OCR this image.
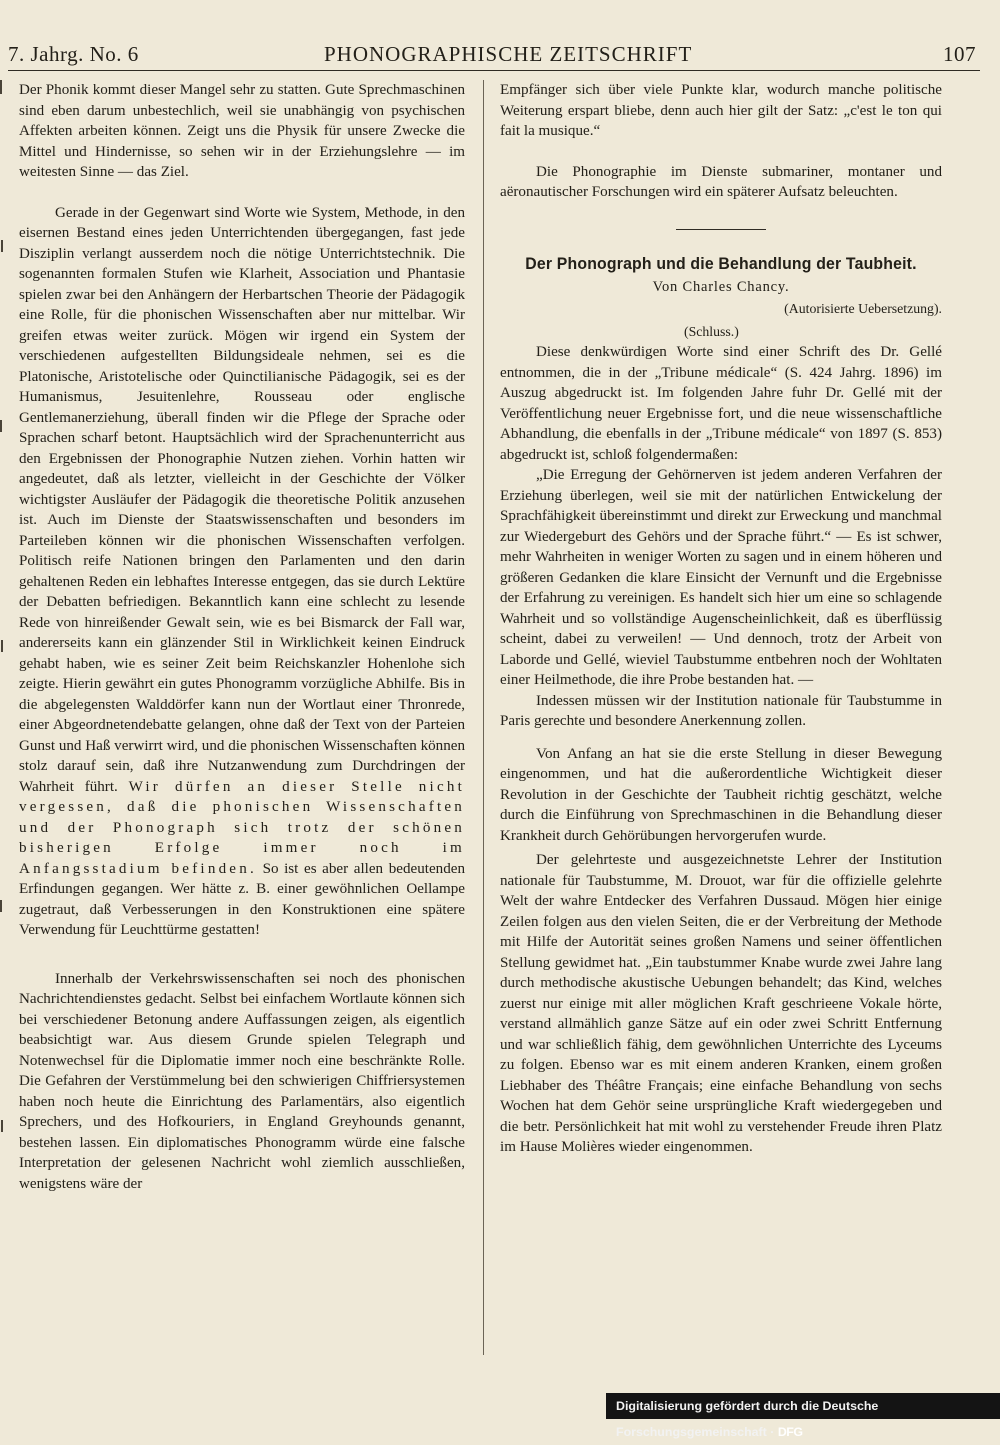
7. Jahrg. No. 6	PHONOGRAPHISCHE ZEITSCHRIFT	107

Der Phonik kommt dieser Mangel sehr zu statten. Gute Sprechmaschinen sind eben darum unbestechlich, weil sie unabhängig von psychischen Affekten arbeiten können. Zeigt uns die Physik für unsere Zwecke die Mittel und Hindernisse, so sehen wir in der Erziehungslehre — im weitesten Sinne — das Ziel.

Gerade in der Gegenwart sind Worte wie System, Methode, in den eisernen Bestand eines jeden Unterrichtenden übergegangen, fast jede Disziplin verlangt ausserdem noch die nötige Unterrichtstechnik. Die sogenannten formalen Stufen wie Klarheit, Association und Phantasie spielen zwar bei den Anhängern der Herbartschen Theorie der Pädagogik eine Rolle, für die phonischen Wissenschaften aber nur mittelbar. Wir greifen etwas weiter zurück. Mögen wir irgend ein System der verschiedenen aufgestellten Bildungsideale nehmen, sei es die Platonische, Aristotelische oder Quinctilianische Pädagogik, sei es der Humanismus, Jesuitenlehre, Rousseau oder englische Gentlemanerziehung, überall finden wir die Pflege der Sprache oder Sprachen scharf betont. Hauptsächlich wird der Sprachenunterricht aus den Ergebnissen der Phonographie Nutzen ziehen. Vorhin hatten wir angedeutet, daß als letzter, vielleicht in der Geschichte der Völker wichtigster Ausläufer der Pädagogik die theoretische Politik anzusehen ist. Auch im Dienste der Staatswissenschaften und besonders im Parteileben können wir die phonischen Wissenschaften verfolgen. Politisch reife Nationen bringen den Parlamenten und den darin gehaltenen Reden ein lebhaftes Interesse entgegen, das sie durch Lektüre der Debatten befriedigen. Bekanntlich kann eine schlecht zu lesende Rede von hinreißender Gewalt sein, wie es bei Bismarck der Fall war, andererseits kann ein glänzender Stil in Wirklichkeit keinen Eindruck gehabt haben, wie es seiner Zeit beim Reichskanzler Hohenlohe sich zeigte. Hierin gewährt ein gutes Phonogramm vorzügliche Abhilfe. Bis in die abgelegensten Walddörfer kann nun der Wortlaut einer Thronrede, einer Abgeordnetendebatte gelangen, ohne daß der Text von der Parteien Gunst und Haß verwirrt wird, und die phonischen Wissenschaften können stolz darauf sein, daß ihre Nutzanwendung zum Durchdringen der Wahrheit führt. Wir dürfen an dieser Stelle nicht vergessen, daß die phonischen Wissenschaften und der Phonograph sich trotz der schönen bisherigen Erfolge immer noch im Anfangsstadium befinden. So ist es aber allen bedeutenden Erfindungen gegangen. Wer hätte z. B. einer gewöhnlichen Oellampe zugetraut, daß Verbesserungen in den Konstruktionen eine spätere Verwendung für Leuchttürme gestatten!

Innerhalb der Verkehrswissenschaften sei noch des phonischen Nachrichtendienstes gedacht. Selbst bei einfachem Wortlaute können sich bei verschiedener Betonung andere Auffassungen zeigen, als eigentlich beabsichtigt war. Aus diesem Grunde spielen Telegraph und Notenwechsel für die Diplomatie immer noch eine beschränkte Rolle. Die Gefahren der Verstümmelung bei den schwierigen Chiffriersystemen haben noch heute die Einrichtung des Parlamentärs, also eigentlich Sprechers, und des Hofkouriers, in England Greyhounds genannt, bestehen lassen. Ein diplomatisches Phonogramm würde eine falsche Interpretation der gelesenen Nachricht wohl ziemlich ausschließen, wenigstens wäre der

Empfänger sich über viele Punkte klar, wodurch manche politische Weiterung erspart bliebe, denn auch hier gilt der Satz: „c'est le ton qui fait la musique.“

Die Phonographie im Dienste submariner, montaner und aëronautischer Forschungen wird ein späterer Aufsatz beleuchten.

Der Phonograph und die Behandlung der Taubheit.
Von Charles Chancy.
(Autorisierte Uebersetzung).
(Schluss.)

Diese denkwürdigen Worte sind einer Schrift des Dr. Gellé entnommen, die in der „Tribune médicale“ (S. 424 Jahrg. 1896) im Auszug abgedruckt ist. Im folgenden Jahre fuhr Dr. Gellé mit der Veröffentlichung neuer Ergebnisse fort, und die neue wissenschaftliche Abhandlung, die ebenfalls in der „Tribune médicale“ von 1897 (S. 853) abgedruckt ist, schloß folgendermaßen:

„Die Erregung der Gehörnerven ist jedem anderen Verfahren der Erziehung überlegen, weil sie mit der natürlichen Entwickelung der Sprachfähigkeit übereinstimmt und direkt zur Erweckung und manchmal zur Wiedergeburt des Gehörs und der Sprache führt.“ — Es ist schwer, mehr Wahrheiten in weniger Worten zu sagen und in einem höheren und größeren Gedanken die klare Einsicht der Vernunft und die Ergebnisse der Erfahrung zu vereinigen. Es handelt sich hier um eine so schlagende Wahrheit und so vollständige Augenscheinlichkeit, daß es überflüssig scheint, dabei zu verweilen! — Und dennoch, trotz der Arbeit von Laborde und Gellé, wieviel Taubstumme entbehren noch der Wohltaten einer Heilmethode, die ihre Probe bestanden hat. —

Indessen müssen wir der Institution nationale für Taubstumme in Paris gerechte und besondere Anerkennung zollen.

Von Anfang an hat sie die erste Stellung in dieser Bewegung eingenommen, und hat die außerordentliche Wichtigkeit dieser Revolution in der Geschichte der Taubheit richtig geschätzt, welche durch die Einführung von Sprechmaschinen in die Behandlung dieser Krankheit durch Gehörübungen hervorgerufen wurde.

Der gelehrteste und ausgezeichnetste Lehrer der Institution nationale für Taubstumme, M. Drouot, war für die offizielle gelehrte Welt der wahre Entdecker des Verfahren Dussaud. Mögen hier einige Zeilen folgen aus den vielen Seiten, die er der Verbreitung der Methode mit Hilfe der Autorität seines großen Namens und seiner öffentlichen Stellung gewidmet hat. „Ein taubstummer Knabe wurde zwei Jahre lang durch methodische akustische Uebungen behandelt; das Kind, welches zuerst nur einige mit aller möglichen Kraft geschrieene Vokale hörte, verstand allmählich ganze Sätze auf ein oder zwei Schritt Entfernung und war schließlich fähig, dem gewöhnlichen Unterrichte des Lyceums zu folgen. Ebenso war es mit einem anderen Kranken, einem großen Liebhaber des Théâtre Français; eine einfache Behandlung von sechs Wochen hat dem Gehör seine ursprüngliche Kraft wiedergegeben und die betr. Persönlichkeit hat mit wohl zu verstehender Freude ihren Platz im Hause Molières wieder eingenommen.

Digitalisierung gefördert durch die Deutsche Forschungsgemeinschaft · DFG
